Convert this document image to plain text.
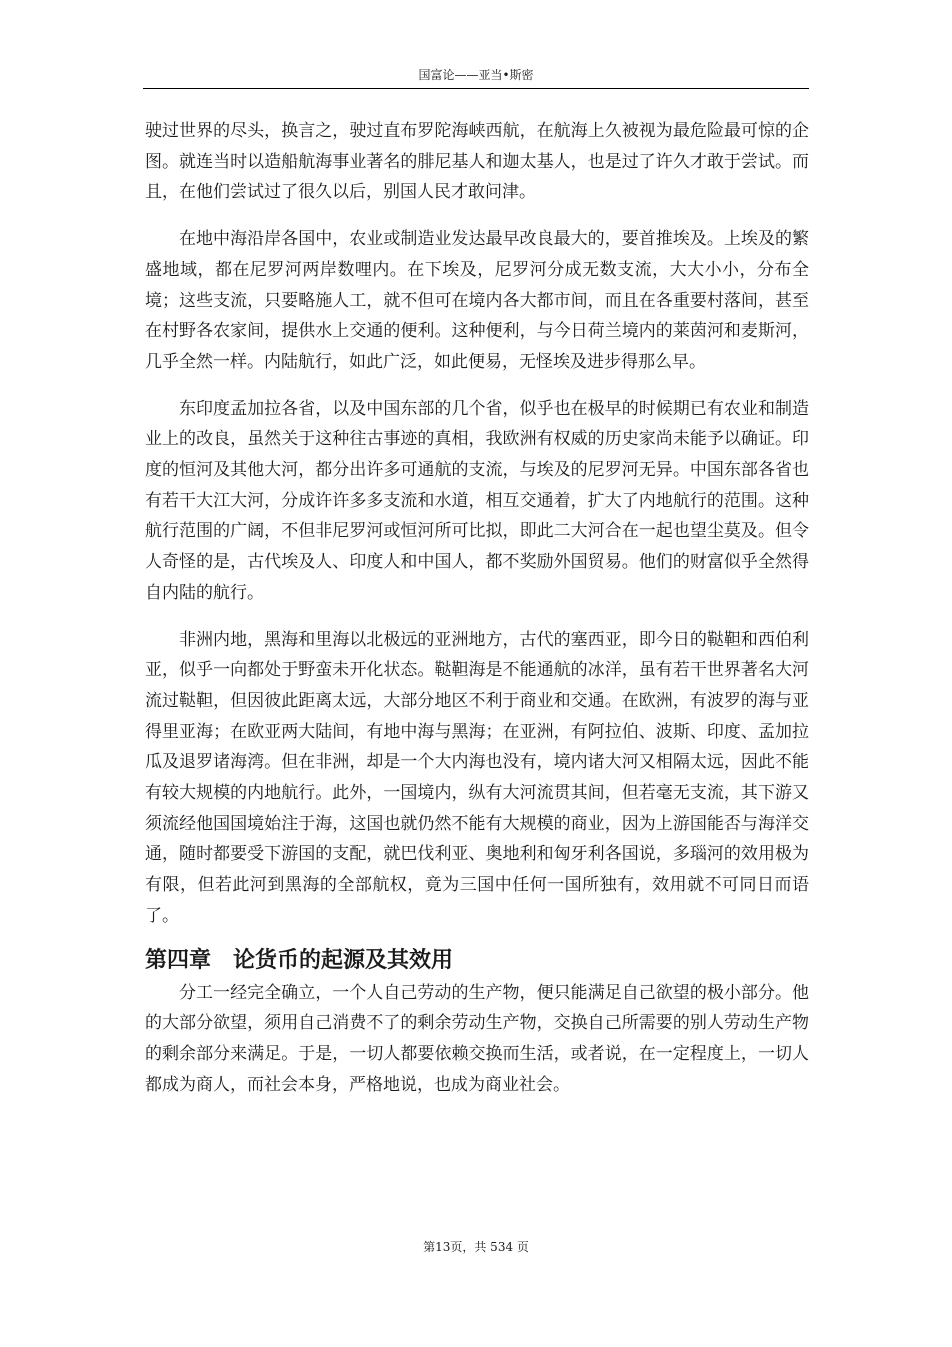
国富论——亚当•斯密

驶过世界的尽头，换言之，驶过直布罗陀海峡西航，在航海上久被视为最危险最可惊的企图。就连当时以造船航海事业著名的腓尼基人和迦太基人，也是过了许久才敢于尝试。而且，在他们尝试过了很久以后，别国人民才敢问津。

在地中海沿岸各国中，农业或制造业发达最早改良最大的，要首推埃及。上埃及的繁盛地域，都在尼罗河两岸数哩内。在下埃及，尼罗河分成无数支流，大大小小，分布全境；这些支流，只要略施人工，就不但可在境内各大都市间，而且在各重要村落间，甚至在村野各农家间，提供水上交通的便利。这种便利，与今日荷兰境内的莱茵河和麦斯河，几乎全然一样。内陆航行，如此广泛，如此便易，无怪埃及进步得那么早。

东印度孟加拉各省，以及中国东部的几个省，似乎也在极早的时候期已有农业和制造业上的改良，虽然关于这种往古事迹的真相，我欧洲有权威的历史家尚未能予以确证。印度的恒河及其他大河，都分出许多可通航的支流，与埃及的尼罗河无异。中国东部各省也有若干大江大河，分成许许多多支流和水道，相互交通着，扩大了内地航行的范围。这种航行范围的广阔，不但非尼罗河或恒河所可比拟，即此二大河合在一起也望尘莫及。但令人奇怪的是，古代埃及人、印度人和中国人，都不奖励外国贸易。他们的财富似乎全然得自内陆的航行。

非洲内地，黑海和里海以北极远的亚洲地方，古代的塞西亚，即今日的鞑靼和西伯利亚，似乎一向都处于野蛮未开化状态。鞑靼海是不能通航的冰洋，虽有若干世界著名大河流过鞑靼，但因彼此距离太远，大部分地区不利于商业和交通。在欧洲，有波罗的海与亚得里亚海；在欧亚两大陆间，有地中海与黑海；在亚洲，有阿拉伯、波斯、印度、孟加拉瓜及退罗诸海湾。但在非洲，却是一个大内海也没有，境内诸大河又相隔太远，因此不能有较大规模的内地航行。此外，一国境内，纵有大河流贯其间，但若毫无支流，其下游又须流经他国国境始注于海，这国也就仍然不能有大规模的商业，因为上游国能否与海洋交通，随时都要受下游国的支配，就巴伐利亚、奥地利和匈牙利各国说，多瑙河的效用极为有限，但若此河到黑海的全部航权，竟为三国中任何一国所独有，效用就不可同日而语了。

第四章　论货币的起源及其效用

分工一经完全确立，一个人自己劳动的生产物，便只能满足自己欲望的极小部分。他的大部分欲望，须用自己消费不了的剩余劳动生产物，交换自己所需要的别人劳动生产物的剩余部分来满足。于是，一切人都要依赖交换而生活，或者说，在一定程度上，一切人都成为商人，而社会本身，严格地说，也成为商业社会。

第13页，共 534 页
